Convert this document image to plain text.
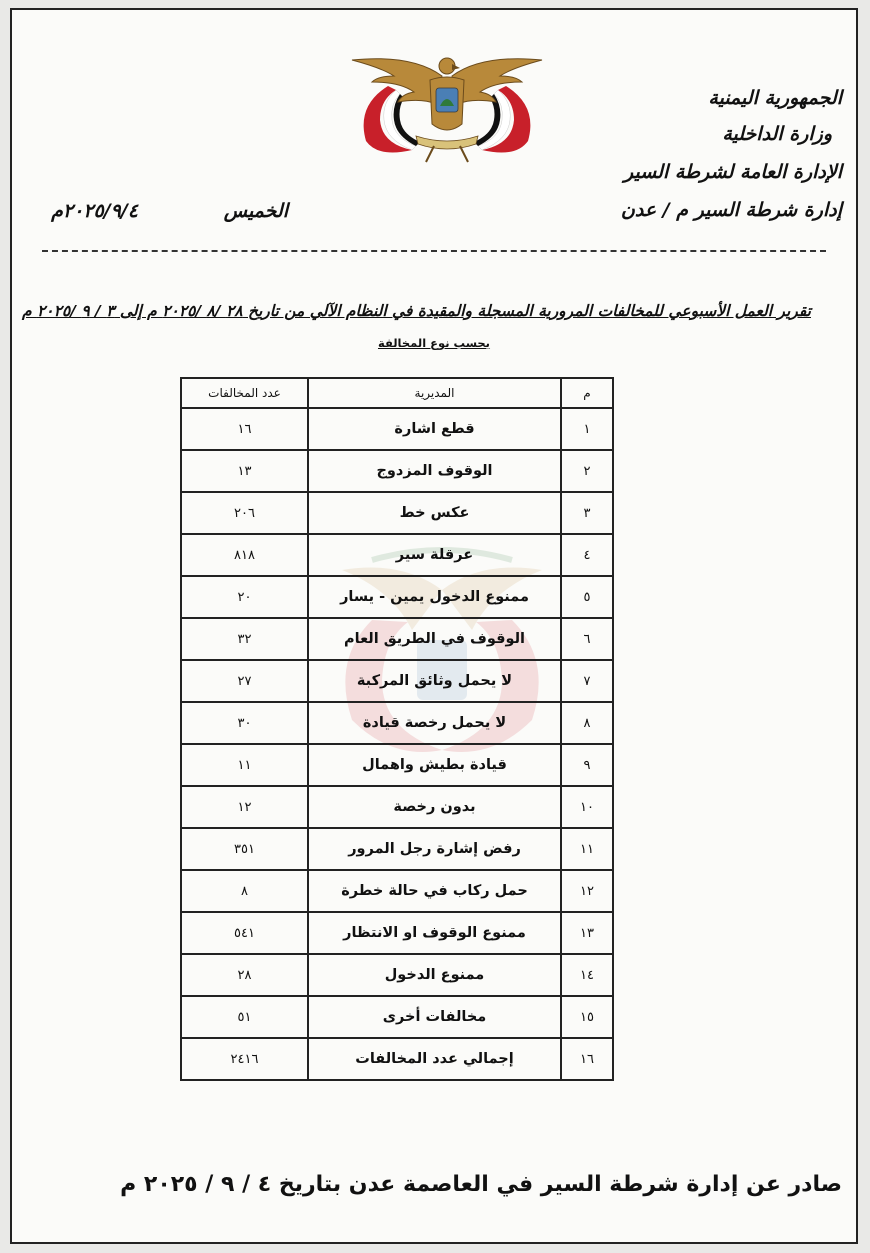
الجمهورية اليمنية
وزارة الداخلية
الإدارة العامة لشرطة السير
إدارة شرطة السير م / عدن
الخميس
٢٠٢٥/٩/٤م
تقرير العمل الأسبوعي للمخالفات المرورية المسجلة والمقيدة في النظام الآلي من تاريخ ٢٨ /٨ /٢٠٢٥ م إلى ٣ / ٩ /٢٠٢٥ م
بحسب نوع المخالفة
م	المديرية	عدد المخالفات
١	قطع اشارة	١٦
٢	الوقوف المزدوج	١٣
٣	عكس خط	٢٠٦
٤	عرقلة سير	٨١٨
٥	ممنوع الدخول يمين - يسار	٢٠
٦	الوقوف في الطريق العام	٣٢
٧	لا يحمل وثائق المركبة	٢٧
٨	لا يحمل رخصة قيادة	٣٠
٩	قيادة بطيش واهمال	١١
١٠	بدون رخصة	١٢
١١	رفض إشارة رجل المرور	٣٥١
١٢	حمل ركاب في حالة خطرة	٨
١٣	ممنوع الوقوف او الانتظار	٥٤١
١٤	ممنوع الدخول	٢٨
١٥	مخالفات أخرى	٥١
١٦	إجمالي عدد المخالفات	٢٤١٦
صادر عن إدارة شرطة السير في العاصمة عدن بتاريخ ٤ / ٩ / ٢٠٢٥ م
